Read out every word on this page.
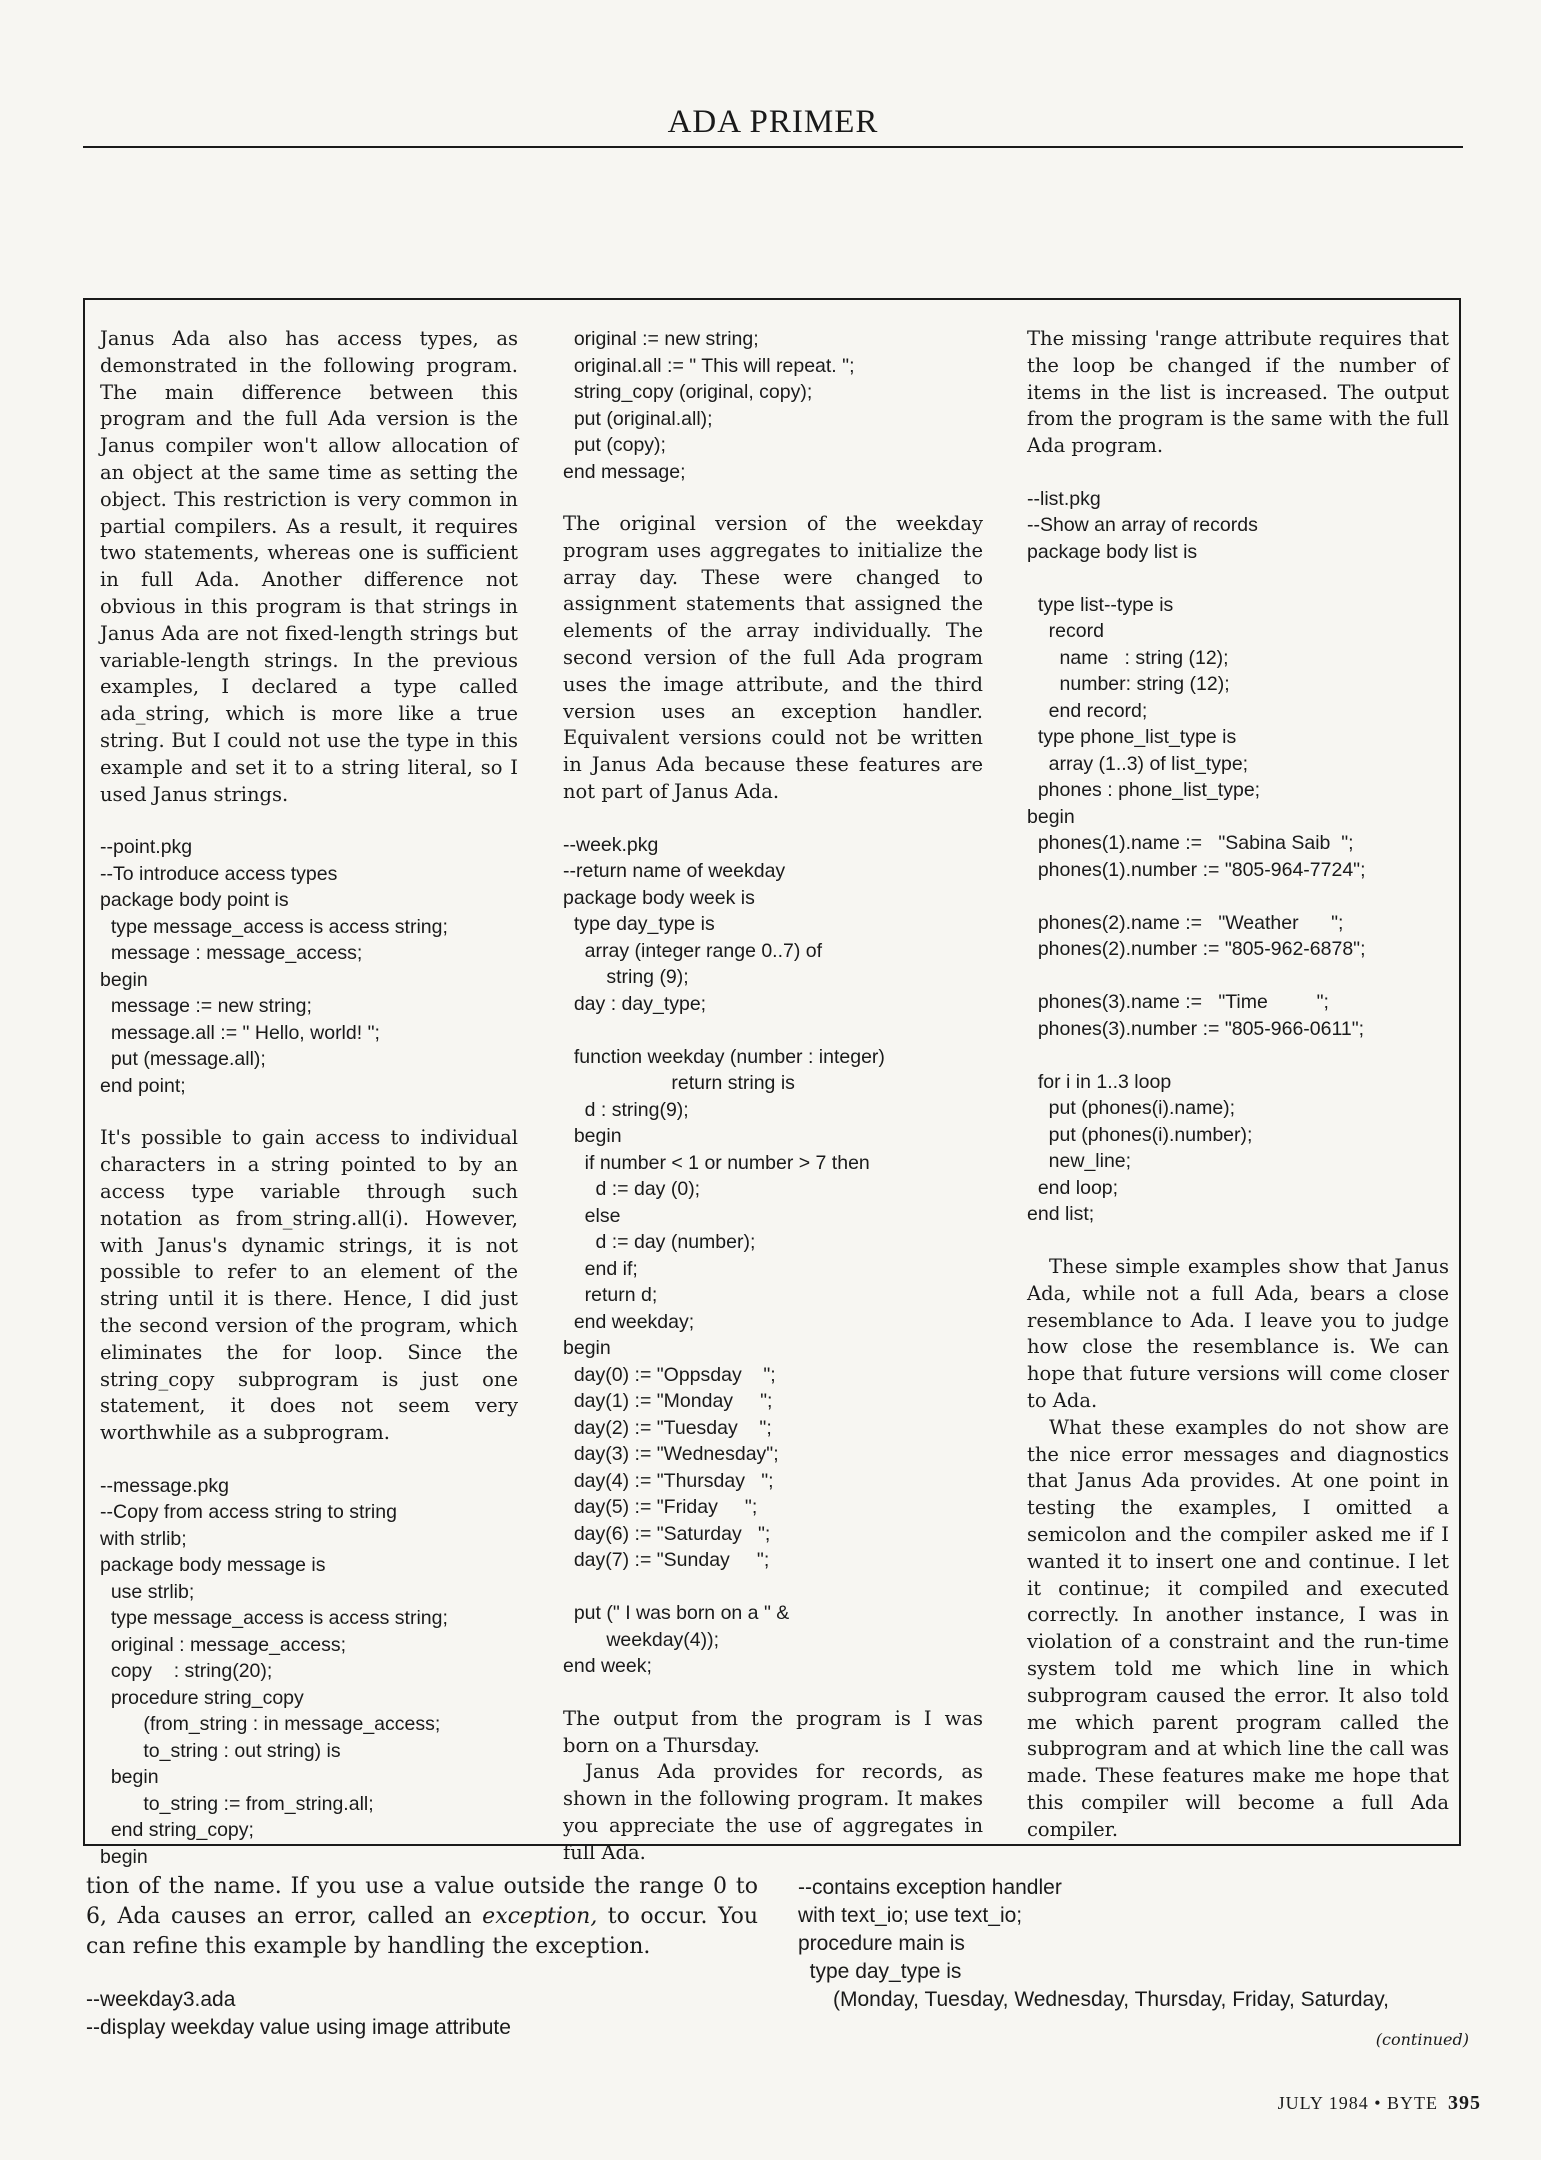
ADA PRIMER

Janus Ada also has access types, as demonstrated in the following program. The main difference between this program and the full Ada version is the Janus compiler won't allow allocation of an object at the same time as setting the object. This restriction is very common in partial compilers. As a result, it requires two statements, whereas one is sufficient in full Ada. Another difference not obvious in this program is that strings in Janus Ada are not fixed-length strings but variable-length strings. In the previous examples, I declared a type called ada_string, which is more like a true string. But I could not use the type in this example and set it to a string literal, so I used Janus strings.

--point.pkg
--To introduce access types
package body point is
type message_access is access string;
message : message_access;
begin
message := new string;
message.all := " Hello, world! ";
put (message.all);
end point;

It's possible to gain access to individual characters in a string pointed to by an access type variable through such notation as from_string.all(i). However, with Janus's dynamic strings, it is not possible to refer to an element of the string until it is there. Hence, I did just the second version of the program, which eliminates the for loop. Since the string_copy subprogram is just one statement, it does not seem very worthwhile as a subprogram.

--message.pkg
--Copy from access string to string
with strlib;
package body message is
use strlib;
type message_access is access string;
original : message_access;
copy    : string(20);
procedure string_copy
(from_string : in message_access;
to_string : out string) is
begin
to_string := from_string.all;
end string_copy;
begin
original := new string;
original.all := " This will repeat. ";
string_copy (original, copy);
put (original.all);
put (copy);
end message;

The original version of the weekday program uses aggregates to initialize the array day. These were changed to assignment statements that assigned the elements of the array individually. The second version of the full Ada program uses the image attribute, and the third version uses an exception handler. Equivalent versions could not be written in Janus Ada because these features are not part of Janus Ada.

--week.pkg
--return name of weekday
package body week is
type day_type is
array (integer range 0..7) of
string (9);
day : day_type;

function weekday (number : integer)
return string is
d : string(9);
begin
if number < 1 or number > 7 then
d := day (0);
else
d := day (number);
end if;
return d;
end weekday;
begin
day(0) := "Oppsday    ";
day(1) := "Monday     ";
day(2) := "Tuesday    ";
day(3) := "Wednesday";
day(4) := "Thursday   ";
day(5) := "Friday     ";
day(6) := "Saturday   ";
day(7) := "Sunday     ";

put (" I was born on a " &
weekday(4));
end week;

The output from the program is I was born on a Thursday.

Janus Ada provides for records, as shown in the following program. It makes you appreciate the use of aggregates in full Ada.

The missing 'range attribute requires that the loop be changed if the number of items in the list is increased. The output from the program is the same with the full Ada program.

--list.pkg
--Show an array of records
package body list is

type list--type is
record
name   : string (12);
number: string (12);
end record;
type phone_list_type is
array (1..3) of list_type;
phones : phone_list_type;
begin
phones(1).name :=   "Sabina Saib  ";
phones(1).number := "805-964-7724";

phones(2).name :=   "Weather      ";
phones(2).number := "805-962-6878";

phones(3).name :=   "Time         ";
phones(3).number := "805-966-0611";

for i in 1..3 loop
put (phones(i).name);
put (phones(i).number);
new_line;
end loop;
end list;

These simple examples show that Janus Ada, while not a full Ada, bears a close resemblance to Ada. I leave you to judge how close the resemblance is. We can hope that future versions will come closer to Ada.

What these examples do not show are the nice error messages and diagnostics that Janus Ada provides. At one point in testing the examples, I omitted a semicolon and the compiler asked me if I wanted it to insert one and continue. I let it continue; it compiled and executed correctly. In another instance, I was in violation of a constraint and the run-time system told me which line in which subprogram caused the error. It also told me which parent program called the subprogram and at which line the call was made. These features make me hope that this compiler will become a full Ada compiler.

tion of the name. If you use a value outside the range 0 to 6, Ada causes an error, called an exception, to occur. You can refine this example by handling the exception.

--weekday3.ada
--display weekday value using image attribute
--contains exception handler
with text_io; use text_io;
procedure main is
type day_type is
(Monday, Tuesday, Wednesday, Thursday, Friday, Saturday,
(continued)
JULY 1984 • BYTE 395
